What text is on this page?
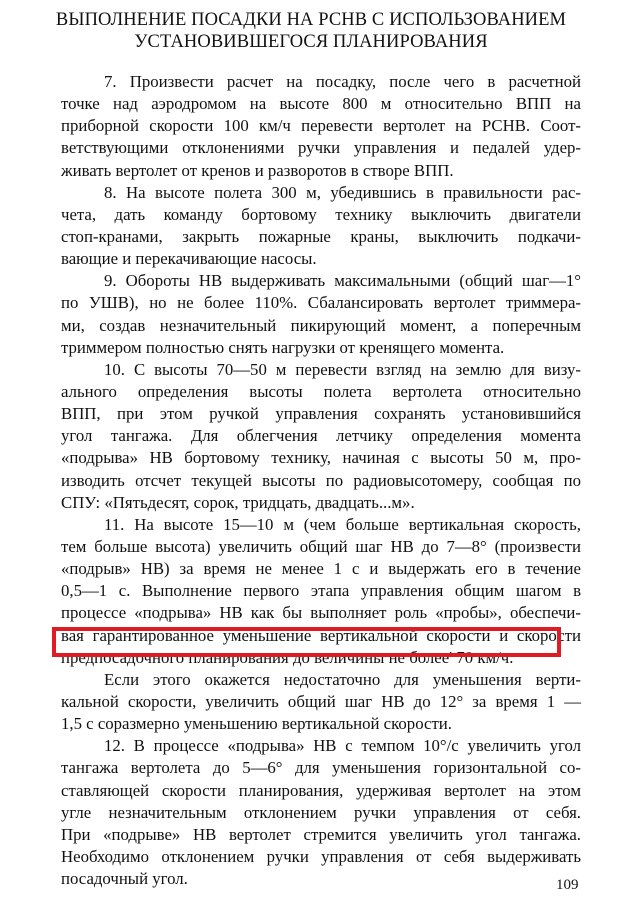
ВЫПОЛНЕНИЕ ПОСАДКИ НА РСНВ С ИСПОЛЬЗОВАНИЕМ
УСТАНОВИВШЕГОСЯ ПЛАНИРОВАНИЯ
7. Произвести расчет на посадку, после чего в расчетной
точке над аэродромом на высоте 800 м относительно ВПП на
приборной скорости 100 км/ч перевести вертолет на РСНВ. Соот-
ветствующими отклонениями ручки управления и педалей удер-
живать вертолет от кренов и разворотов в створе ВПП.
8. На высоте полета 300 м, убедившись в правильности рас-
чета, дать команду бортовому технику выключить двигатели
стоп-кранами, закрыть пожарные краны, выключить подкачи-
вающие и перекачивающие насосы.
9. Обороты НВ выдерживать максимальными (общий шаг—1°
по УШВ), но не более 110%. Сбалансировать вертолет триммера-
ми, создав незначительный пикирующий момент, а поперечным
триммером полностью снять нагрузки от кренящего момента.
10. С высоты 70—50 м перевести взгляд на землю для визу-
ального определения высоты полета вертолета относительно
ВПП, при этом ручкой управления сохранять установившийся
угол тангажа. Для облегчения летчику определения момента
«подрыва» НВ бортовому технику, начиная с высоты 50 м, про-
изводить отсчет текущей высоты по радиовысотомеру, сообщая по
СПУ: «Пятьдесят, сорок, тридцать, двадцать...м».
11. На высоте 15—10 м (чем больше вертикальная скорость,
тем больше высота) увеличить общий шаг НВ до 7—8° (произвести
«подрыв» НВ) за время не менее 1 с и выдержать его в течение
0,5—1 с. Выполнение первого этапа управления общим шагом в
процессе «подрыва» НВ как бы выполняет роль «пробы», обеспечи-
вая гарантированное уменьшение вертикальной скорости и скорости
предпосадочного планирования до величины не более' 70 км/ч.
Если этого окажется недостаточно для уменьшения верти-
кальной скорости, увеличить общий шаг НВ до 12° за время 1 —
1,5 с соразмерно уменьшению вертикальной скорости.
12. В процессе «подрыва» НВ с темпом 10°/с увеличить угол
тангажа вертолета до 5—6° для уменьшения горизонтальной со-
ставляющей скорости планирования, удерживая вертолет на этом
угле незначительным отклонением ручки управления от себя.
При «подрыве» НВ вертолет стремится увеличить угол тангажа.
Необходимо отклонением ручки управления от себя выдерживать
посадочный угол.	109
